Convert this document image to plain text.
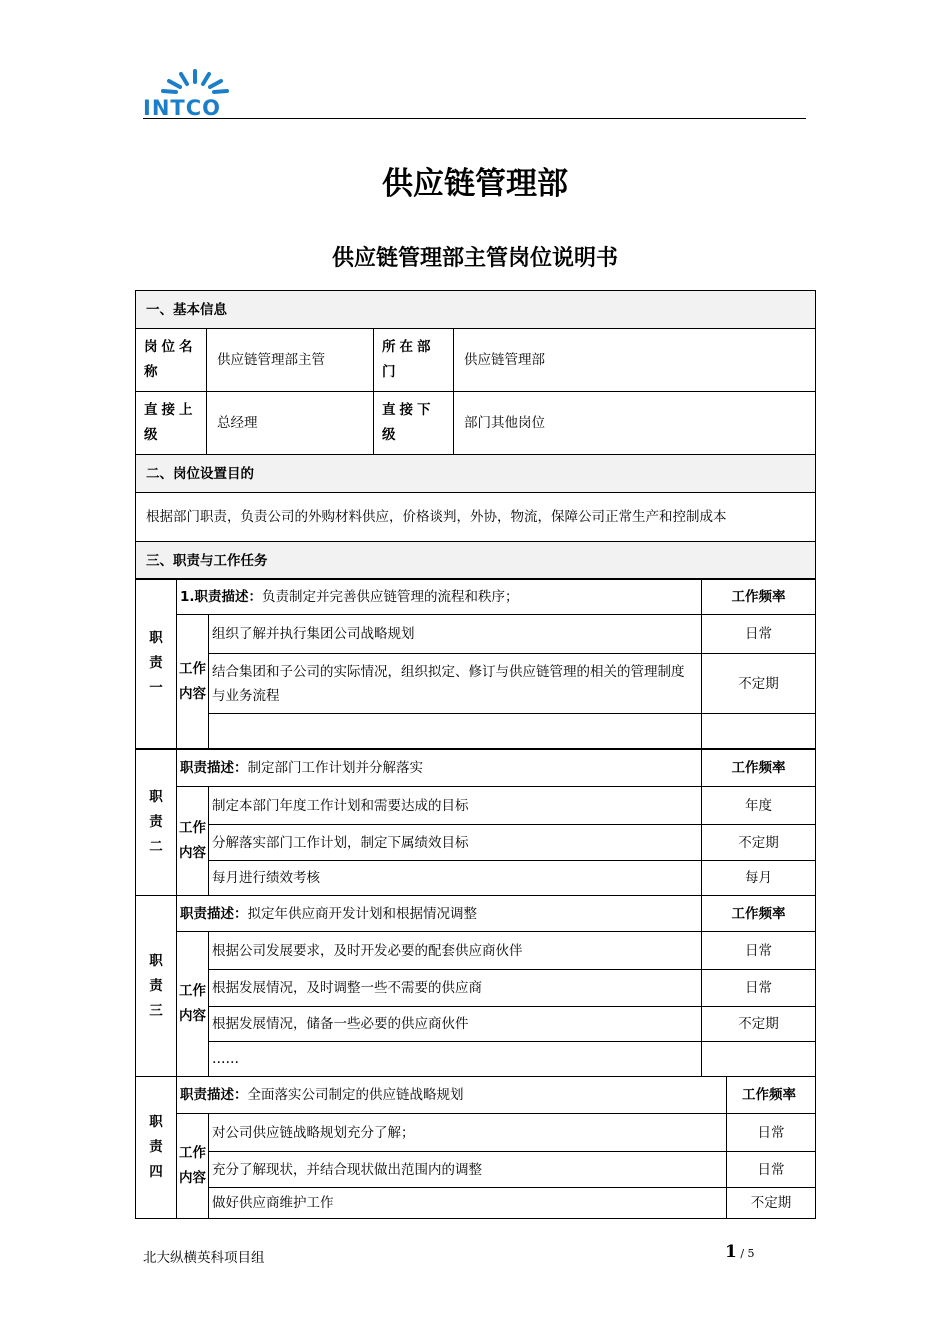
INTCO
供应链管理部
供应链管理部主管岗位说明书
一、基本信息			
岗位名称	供应链管理部主管	所在部门	供应链管理部
直接上级	总经理	直接下级	部门其他岗位
二、岗位设置目的			
根据部门职责，负责公司的外购材料供应，价格谈判，外协，物流，保障公司正常生产和控制成本			
三、职责与工作任务			
职责一	1.职责描述：负责制定并完善供应链管理的流程和秩序；		工作频率
	工作内容	组织了解并执行集团公司战略规划	日常
		结合集团和子公司的实际情况，组织拟定、修订与供应链管理的相关的管理制度与业务流程	不定期

职责二	职责描述：制定部门工作计划并分解落实		工作频率
	工作内容	制定本部门年度工作计划和需要达成的目标	年度
		分解落实部门工作计划，制定下属绩效目标	不定期
		每月进行绩效考核	每月
职责三	职责描述：拟定年供应商开发计划和根据情况调整		工作频率
	工作内容	根据公司发展要求，及时开发必要的配套供应商伙伴	日常
		根据发展情况，及时调整一些不需要的供应商	日常
		根据发展情况，储备一些必要的供应商伙件	不定期
		……	
职责四	职责描述：全面落实公司制定的供应链战略规划		工作频率
	工作内容	对公司供应链战略规划充分了解；	日常
		充分了解现状，并结合现状做出范围内的调整	日常
		做好供应商维护工作	不定期
北大纵横英科项目组	1 / 5
